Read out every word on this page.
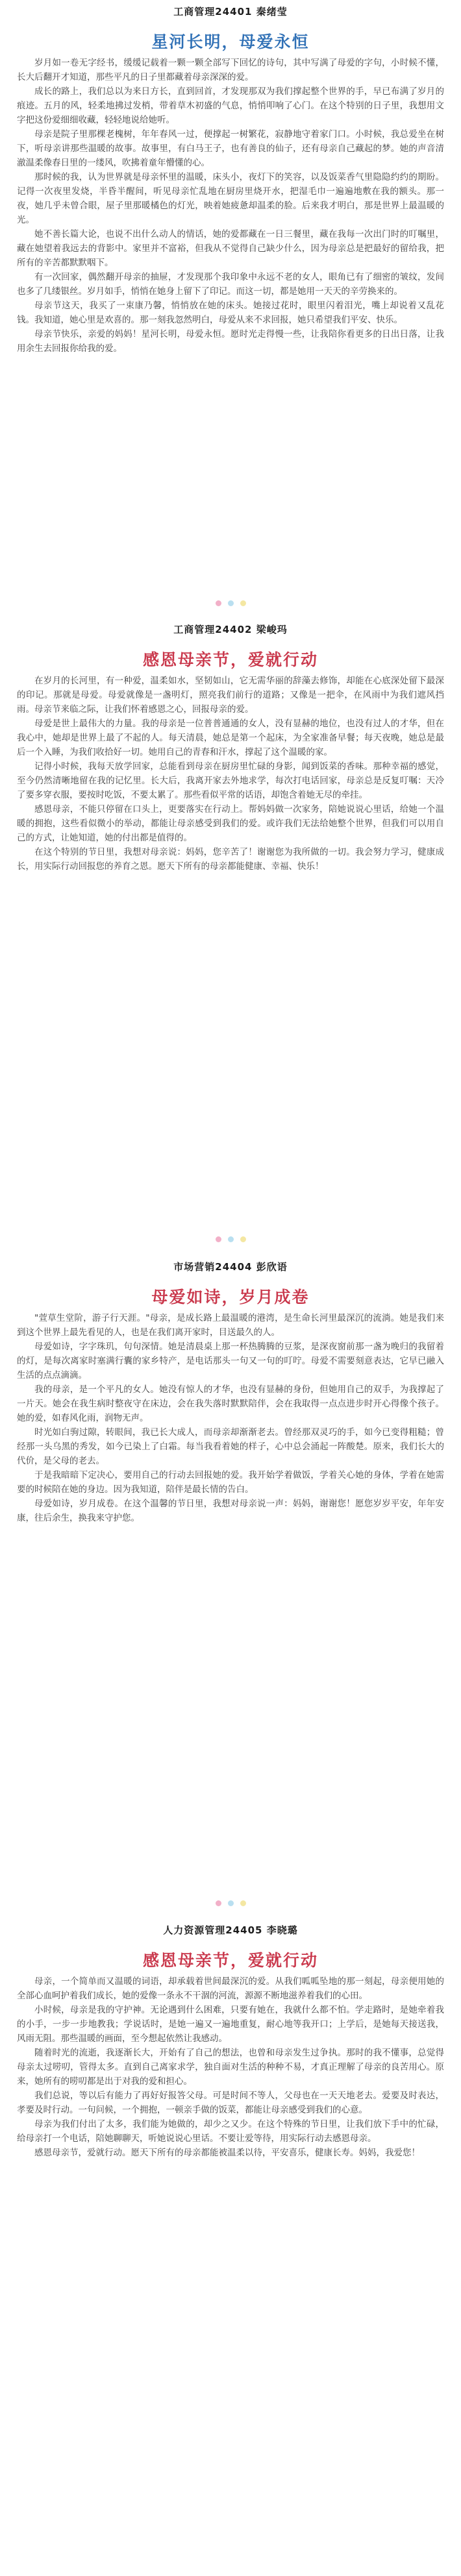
工商管理24401 秦绪莹
星河长明，母爱永恒

岁月如一卷无字经书，缓缓记载着一颗一颗全部写下回忆的诗句，其中写满了母爱的字句，小时候不懂，长大后翻开才知道，那些平凡的日子里都藏着母亲深深的爱。

成长的路上，我们总以为来日方长，直到回首，才发现那双为我们撑起整个世界的手，早已布满了岁月的痕迹。五月的风，轻柔地拂过发梢，带着草木初盛的气息，悄悄叩响了心门。在这个特别的日子里，我想用文字把这份爱细细收藏，轻轻地说给她听。

母亲是院子里那棵老槐树，年年春风一过，便撑起一树繁花，寂静地守着家门口。小时候，我总爱坐在树下，听母亲讲那些温暖的故事。故事里，有白马王子，也有善良的仙子，还有母亲自己藏起的梦。她的声音清澈温柔像春日里的一缕风，吹拂着童年懵懂的心。

那时候的我，认为世界就是母亲怀里的温暖，床头小，夜灯下的笑容，以及饭菜香气里隐隐约约的期盼。记得一次夜里发烧，半昏半醒间，听见母亲忙乱地在厨房里烧开水，把湿毛巾一遍遍地敷在我的额头。那一夜，她几乎未曾合眼，屋子里那暖橘色的灯光，映着她疲惫却温柔的脸。后来我才明白，那是世界上最温暖的光。

她不善长篇大论，也说不出什么动人的情话，她的爱都藏在一日三餐里，藏在我每一次出门时的叮嘱里，藏在她望着我远去的背影中。家里并不富裕，但我从不觉得自己缺少什么，因为母亲总是把最好的留给我，把所有的辛苦都默默咽下。

有一次回家，偶然翻开母亲的抽屉，才发现那个我印象中永远不老的女人，眼角已有了细密的皱纹，发间也多了几缕银丝。岁月如手，悄悄在她身上留下了印记。而这一切，都是她用一天天的辛劳换来的。

母亲节这天，我买了一束康乃馨，悄悄放在她的床头。她接过花时，眼里闪着泪光，嘴上却说着又乱花钱。我知道，她心里是欢喜的。那一刻我忽然明白，母爱从来不求回报，她只希望我们平安、快乐。

母亲节快乐，亲爱的妈妈！星河长明，母爱永恒。愿时光走得慢一些，让我陪你看更多的日出日落，让我用余生去回报你给我的爱。

工商管理24402 梁峻玛
感恩母亲节，爱就行动

在岁月的长河里，有一种爱，温柔如水，坚韧如山，它无需华丽的辞藻去修饰，却能在心底深处留下最深的印记。那就是母爱。母爱就像是一盏明灯，照亮我们前行的道路；又像是一把伞，在风雨中为我们遮风挡雨。母亲节来临之际，让我们怀着感恩之心，回报母亲的爱。

母爱是世上最伟大的力量。我的母亲是一位普普通通的女人，没有显赫的地位，也没有过人的才华，但在我心中，她却是世界上最了不起的人。每天清晨，她总是第一个起床，为全家准备早餐；每天夜晚，她总是最后一个入睡，为我们收拾好一切。她用自己的青春和汗水，撑起了这个温暖的家。

记得小时候，我每天放学回家，总能看到母亲在厨房里忙碌的身影，闻到饭菜的香味。那种幸福的感觉，至今仍然清晰地留在我的记忆里。长大后，我离开家去外地求学，每次打电话回家，母亲总是反复叮嘱：天冷了要多穿衣服，要按时吃饭，不要太累了。那些看似平常的话语，却饱含着她无尽的牵挂。

感恩母亲，不能只停留在口头上，更要落实在行动上。帮妈妈做一次家务，陪她说说心里话，给她一个温暖的拥抱，这些看似微小的举动，都能让母亲感受到我们的爱。或许我们无法给她整个世界，但我们可以用自己的方式，让她知道，她的付出都是值得的。

在这个特别的节日里，我想对母亲说：妈妈，您辛苦了！谢谢您为我所做的一切。我会努力学习，健康成长，用实际行动回报您的养育之恩。愿天下所有的母亲都能健康、幸福、快乐！

市场营销24404 彭欣语
母爱如诗，岁月成卷

"萱草生堂阶，游子行天涯。"母亲，是成长路上最温暖的港湾，是生命长河里最深沉的流淌。她是我们来到这个世界上最先看见的人，也是在我们离开家时，目送最久的人。

母爱如诗，字字珠玑，句句深情。她是清晨桌上那一杯热腾腾的豆浆，是深夜窗前那一盏为晚归的我留着的灯，是每次离家时塞满行囊的家乡特产，是电话那头一句又一句的叮咛。母爱不需要刻意表达，它早已融入生活的点点滴滴。

我的母亲，是一个平凡的女人。她没有惊人的才华，也没有显赫的身份，但她用自己的双手，为我撑起了一片天。她会在我生病时整夜守在床边，会在我失落时默默陪伴，会在我取得一点点进步时开心得像个孩子。她的爱，如春风化雨，润物无声。

时光如白驹过隙，转眼间，我已长大成人，而母亲却渐渐老去。曾经那双灵巧的手，如今已变得粗糙；曾经那一头乌黑的秀发，如今已染上了白霜。每当我看着她的样子，心中总会涌起一阵酸楚。原来，我们长大的代价，是父母的老去。

于是我暗暗下定决心，要用自己的行动去回报她的爱。我开始学着做饭，学着关心她的身体，学着在她需要的时候陪在她的身边。因为我知道，陪伴是最长情的告白。

母爱如诗，岁月成卷。在这个温馨的节日里，我想对母亲说一声：妈妈，谢谢您！愿您岁岁平安，年年安康，往后余生，换我来守护您。

人力资源管理24405 李晓璐
感恩母亲节，爱就行动

母亲，一个简单而又温暖的词语，却承载着世间最深沉的爱。从我们呱呱坠地的那一刻起，母亲便用她的全部心血呵护着我们成长，她的爱像一条永不干涸的河流，源源不断地滋养着我们的心田。

小时候，母亲是我的守护神。无论遇到什么困难，只要有她在，我就什么都不怕。学走路时，是她牵着我的小手，一步一步地教我；学说话时，是她一遍又一遍地重复，耐心地等我开口；上学后，是她每天接送我，风雨无阻。那些温暖的画面，至今想起依然让我感动。

随着时光的流逝，我逐渐长大，开始有了自己的想法，也曾和母亲发生过争执。那时的我不懂事，总觉得母亲太过唠叨，管得太多。直到自己离家求学，独自面对生活的种种不易，才真正理解了母亲的良苦用心。原来，她所有的唠叨都是出于对我的爱和担心。

我们总说，等以后有能力了再好好报答父母。可是时间不等人，父母也在一天天地老去。爱要及时表达，孝要及时行动。一句问候，一个拥抱，一顿亲手做的饭菜，都能让母亲感受到我们的心意。

母亲为我们付出了太多，我们能为她做的，却少之又少。在这个特殊的节日里，让我们放下手中的忙碌，给母亲打一个电话，陪她聊聊天，听她说说心里话。不要让爱等待，用实际行动去感恩母亲。

感恩母亲节，爱就行动。愿天下所有的母亲都能被温柔以待，平安喜乐，健康长寿。妈妈，我爱您！
